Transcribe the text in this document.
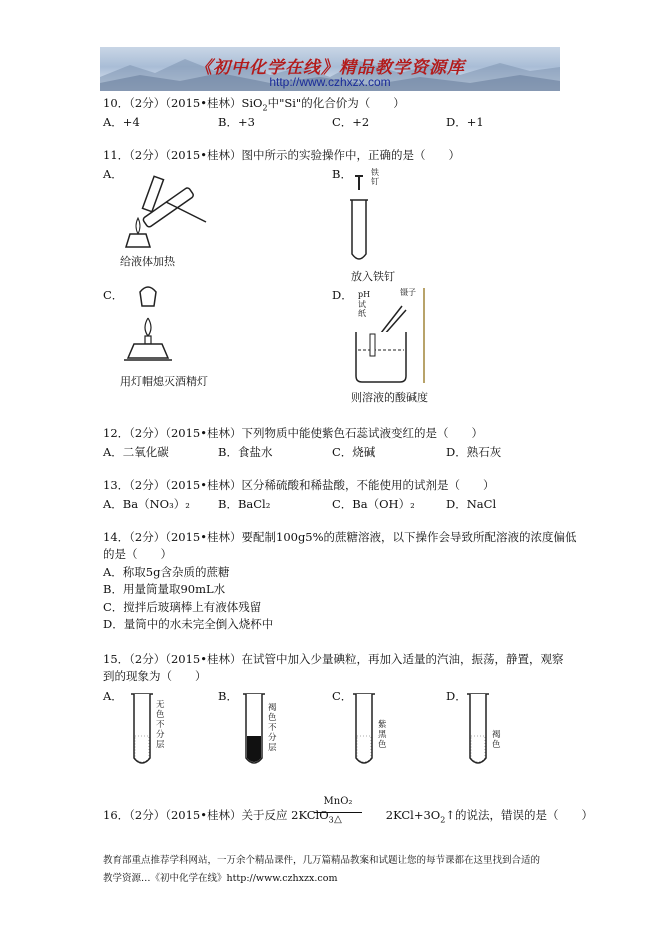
《初中化学在线》精品教学资源库
http://www.czhxzx.com
10．（2分）（2015•桂林）SiO$_2$中"Si"的化合价为（　　）
A．+4	B．+3	C．+2	D．+1
11．（2分）（2015•桂林）图中所示的实验操作中，正确的是（　　）
A．	B．
给液体加热
铁钉
放入铁钉
C．	D．
用灯帽熄灭酒精灯
pH
试纸
镊子
则溶液的酸碱度
12．（2分）（2015•桂林）下列物质中能使紫色石蕊试液变红的是（　　）
A．二氧化碳	B．食盐水	C．烧碱	D．熟石灰
13．（2分）（2015•桂林）区分稀硫酸和稀盐酸，不能使用的试剂是（　　）
A．Ba（NO₃）₂ B．BaCl₂	C．Ba（OH）₂	D．NaCl
14．（2分）（2015•桂林）要配制100g5%的蔗糖溶液，以下操作会导致所配溶液的浓度偏低
的是（　　）
A．称取5g含杂质的蔗糖
B．用量筒量取90mL水
C．搅拌后玻璃棒上有液体残留
D．量筒中的水未完全倒入烧杯中
15．（2分）（2015•桂林）在试管中加入少量碘粒，再加入适量的汽油，振荡，静置，观察
到的现象为（　　）
A．	B．	C．	D．
无色不分层
褐色不分层
紫黑色
褐色
16．（2分）（2015•桂林）关于反应 2KClO$_3$	$2KCl+3O_2↑$的说法，错误的是（　　）
MnO₂
△
教育部重点推荐学科网站，一万余个精品课件，几万篇精品教案和试题让您的每节课都在这里找到合适的
教学资源…《初中化学在线》http://www.czhxzx.com
